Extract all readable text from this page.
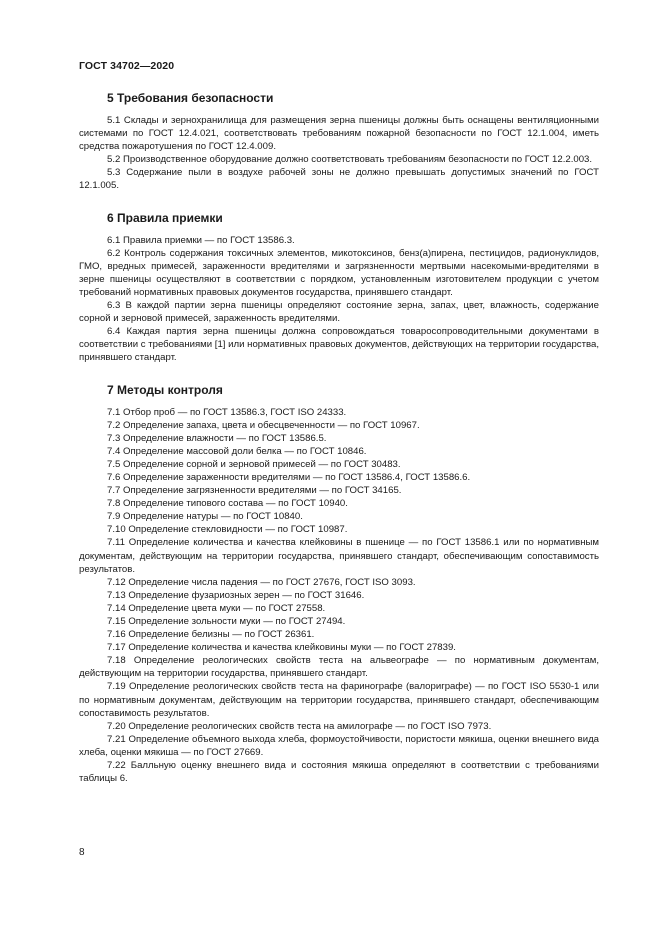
ГОСТ 34702—2020
5 Требования безопасности

5.1 Склады и зернохранилища для размещения зерна пшеницы должны быть оснащены вентиляционными системами по ГОСТ 12.4.021, соответствовать требованиям пожарной безопасности по ГОСТ 12.1.004, иметь средства пожаротушения по ГОСТ 12.4.009.

5.2 Производственное оборудование должно соответствовать требованиям безопасности по ГОСТ 12.2.003.

5.3 Содержание пыли в воздухе рабочей зоны не должно превышать допустимых значений по ГОСТ 12.1.005.

6 Правила приемки

6.1 Правила приемки — по ГОСТ 13586.3.

6.2 Контроль содержания токсичных элементов, микотоксинов, бенз(а)пирена, пестицидов, радионуклидов, ГМО, вредных примесей, зараженности вредителями и загрязненности мертвыми насекомыми-вредителями в зерне пшеницы осуществляют в соответствии с порядком, установленным изготовителем продукции с учетом требований нормативных правовых документов государства, принявшего стандарт.

6.3 В каждой партии зерна пшеницы определяют состояние зерна, запах, цвет, влажность, содержание сорной и зерновой примесей, зараженность вредителями.

6.4 Каждая партия зерна пшеницы должна сопровождаться товаросопроводительными документами в соответствии с требованиями [1] или нормативных правовых документов, действующих на территории государства, принявшего стандарт.

7 Методы контроля

7.1 Отбор проб — по ГОСТ 13586.3, ГОСТ ISO 24333.

7.2 Определение запаха, цвета и обесцвеченности — по ГОСТ 10967.

7.3 Определение влажности — по ГОСТ 13586.5.

7.4 Определение массовой доли белка — по ГОСТ 10846.

7.5 Определение сорной и зерновой примесей — по ГОСТ 30483.

7.6 Определение зараженности вредителями — по ГОСТ 13586.4, ГОСТ 13586.6.

7.7 Определение загрязненности вредителями — по ГОСТ 34165.

7.8 Определение типового состава — по ГОСТ 10940.

7.9 Определение натуры — по ГОСТ 10840.

7.10 Определение стекловидности — по ГОСТ 10987.

7.11 Определение количества и качества клейковины в пшенице — по ГОСТ 13586.1 или по нормативным документам, действующим на территории государства, принявшего стандарт, обеспечивающим сопоставимость результатов.

7.12 Определение числа падения — по ГОСТ 27676, ГОСТ ISO 3093.

7.13 Определение фузариозных зерен — по ГОСТ 31646.

7.14 Определение цвета муки — по ГОСТ 27558.

7.15 Определение зольности муки — по ГОСТ 27494.

7.16 Определение белизны — по ГОСТ 26361.

7.17 Определение количества и качества клейковины муки — по ГОСТ 27839.

7.18 Определение реологических свойств теста на альвеографе — по нормативным документам, действующим на территории государства, принявшего стандарт.

7.19 Определение реологических свойств теста на фаринографе (валориграфе) — по ГОСТ ISO 5530-1 или по нормативным документам, действующим на территории государства, принявшего стандарт, обеспечивающим сопоставимость результатов.

7.20 Определение реологических свойств теста на амилографе — по ГОСТ ISO 7973.

7.21 Определение объемного выхода хлеба, формоустойчивости, пористости мякиша, оценки внешнего вида хлеба, оценки мякиша — по ГОСТ 27669.

7.22 Балльную оценку внешнего вида и состояния мякиша определяют в соответствии с требованиями таблицы 6.

8
